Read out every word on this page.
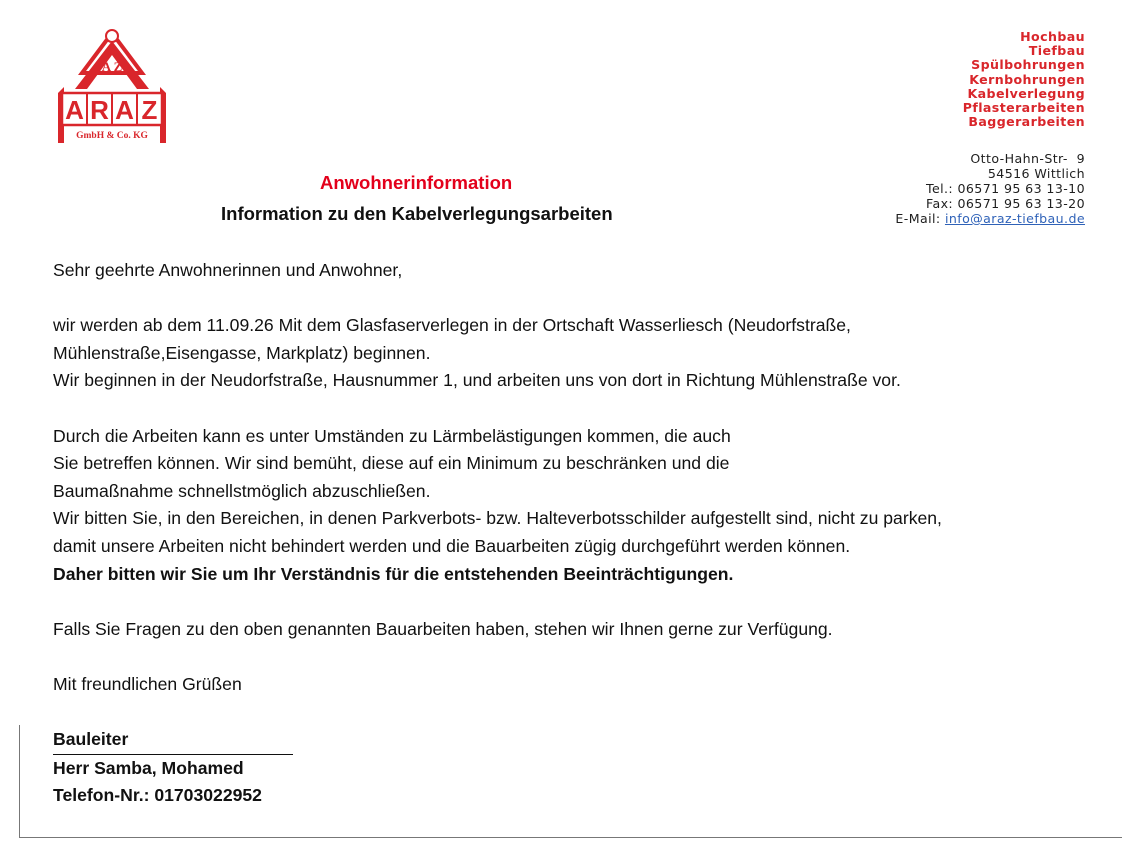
A Z
A R A Z
GmbH & Co. KG
Hochbau
Tiefbau
Spülbohrungen
Kernbohrungen
Kabelverlegung
Pflasterarbeiten
Baggerarbeiten
Otto-Hahn-Str-  9
54516 Wittlich
Tel.: 06571 95 63 13-10
Fax: 06571 95 63 13-20
E-Mail: info@araz-tiefbau.de
Anwohnerinformation
Information zu den Kabelverlegungsarbeiten

Sehr geehrte Anwohnerinnen und Anwohner,

wir werden ab dem 11.09.26 Mit dem Glasfaserverlegen in der Ortschaft Wasserliesch (Neudorfstraße,

Mühlenstraße,Eisengasse, Markplatz) beginnen.

Wir beginnen in der Neudorfstraße, Hausnummer 1, und arbeiten uns von dort in Richtung Mühlenstraße vor.

Durch die Arbeiten kann es unter Umständen zu Lärmbelästigungen kommen, die auch

Sie betreffen können. Wir sind bemüht, diese auf ein Minimum zu beschränken und die

Baumaßnahme schnellstmöglich abzuschließen.

Wir bitten Sie, in den Bereichen, in denen Parkverbots- bzw. Halteverbotsschilder aufgestellt sind, nicht zu parken,

damit unsere Arbeiten nicht behindert werden und die Bauarbeiten zügig durchgeführt werden können.

Daher bitten wir Sie um Ihr Verständnis für die entstehenden Beeinträchtigungen.

Falls Sie Fragen zu den oben genannten Bauarbeiten haben, stehen wir Ihnen gerne zur Verfügung.

Mit freundlichen Grüßen

Bauleiter

Herr Samba, Mohamed

Telefon-Nr.: 01703022952
